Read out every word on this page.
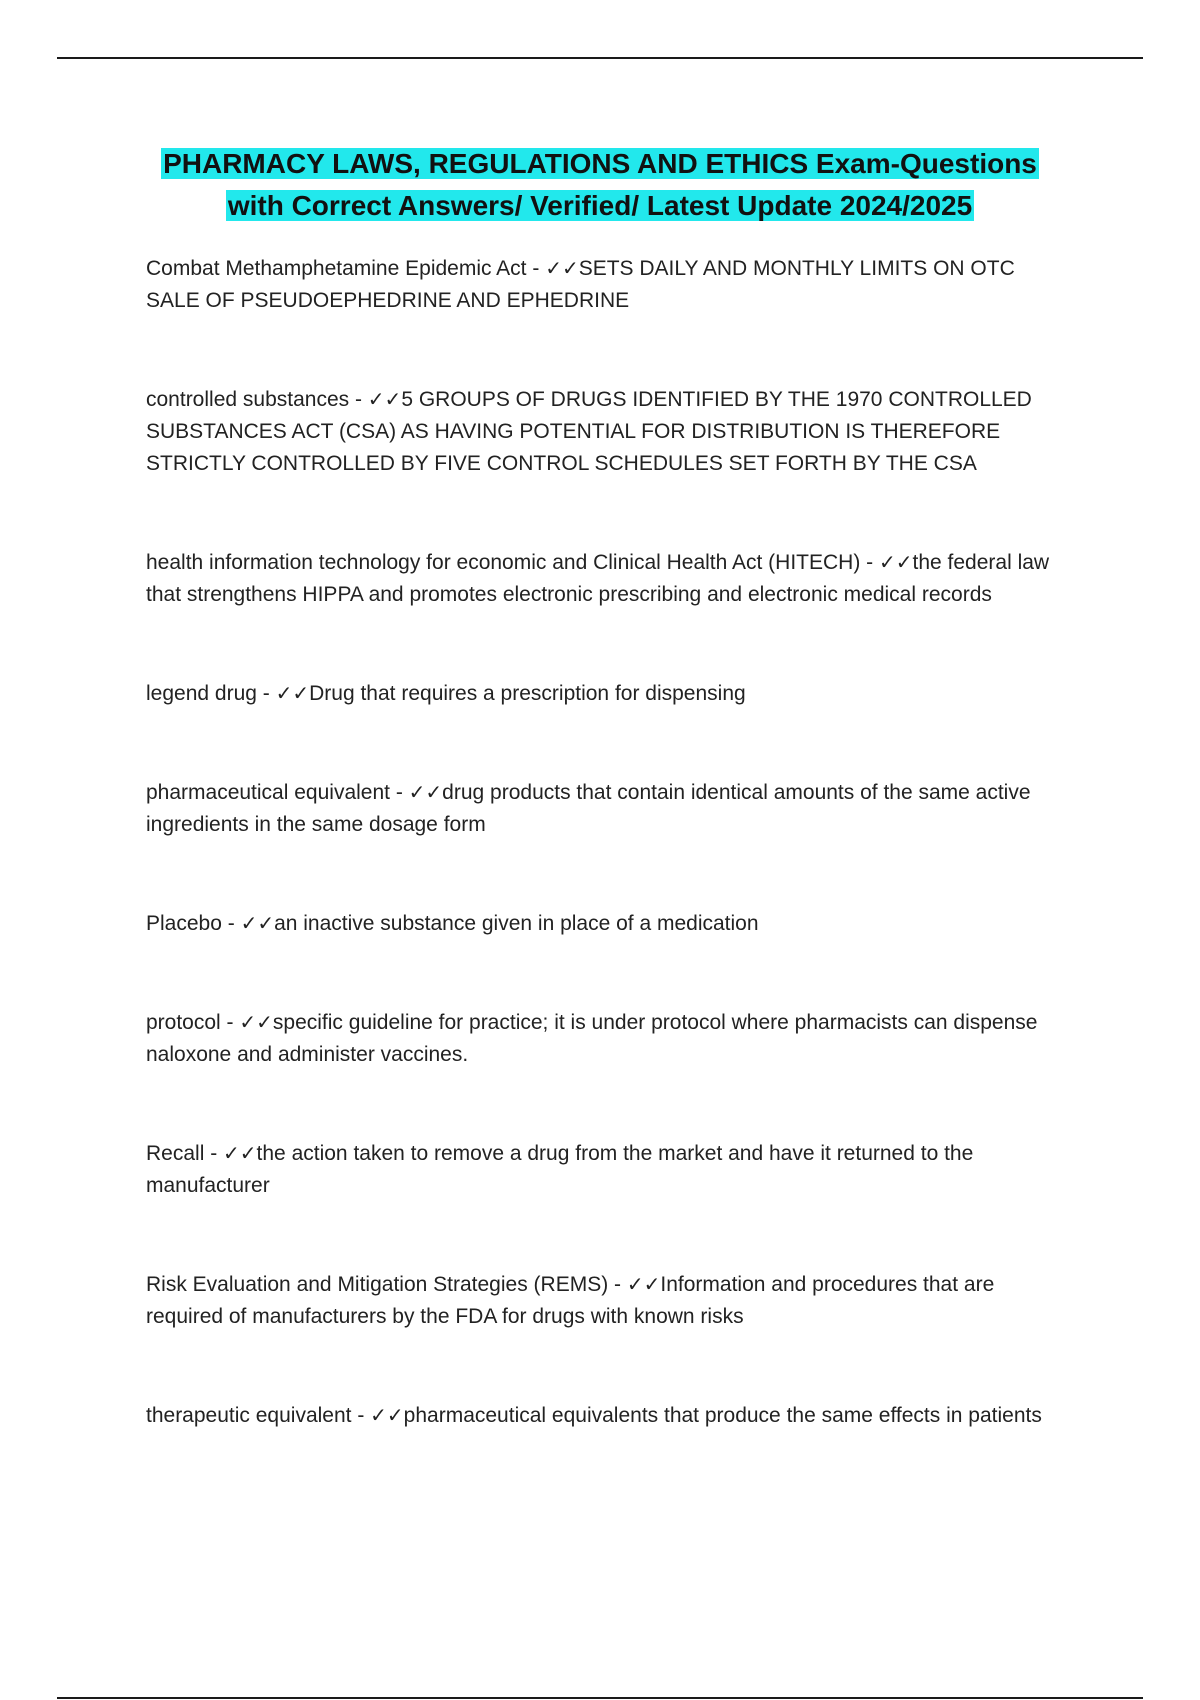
PHARMACY LAWS, REGULATIONS AND ETHICS Exam-Questions
with Correct Answers/ Verified/ Latest Update 2024/2025
Combat Methamphetamine Epidemic Act - ✓✓SETS DAILY AND MONTHLY LIMITS ON OTC SALE OF PSEUDOEPHEDRINE AND EPHEDRINE
controlled substances - ✓✓5 GROUPS OF DRUGS IDENTIFIED BY THE 1970 CONTROLLED SUBSTANCES ACT (CSA) AS HAVING POTENTIAL FOR DISTRIBUTION IS THEREFORE STRICTLY CONTROLLED BY FIVE CONTROL SCHEDULES SET FORTH BY THE CSA
health information technology for economic and Clinical Health Act (HITECH) - ✓✓the federal law that strengthens HIPPA and promotes electronic prescribing and electronic medical records
legend drug - ✓✓Drug that requires a prescription for dispensing
pharmaceutical equivalent - ✓✓drug products that contain identical amounts of the same active ingredients in the same dosage form
Placebo - ✓✓an inactive substance given in place of a medication
protocol - ✓✓specific guideline for practice; it is under protocol where pharmacists can dispense naloxone and administer vaccines.
Recall - ✓✓the action taken to remove a drug from the market and have it returned to the manufacturer
Risk Evaluation and Mitigation Strategies (REMS) - ✓✓Information and procedures that are required of manufacturers by the FDA for drugs with known risks
therapeutic equivalent - ✓✓pharmaceutical equivalents that produce the same effects in patients
